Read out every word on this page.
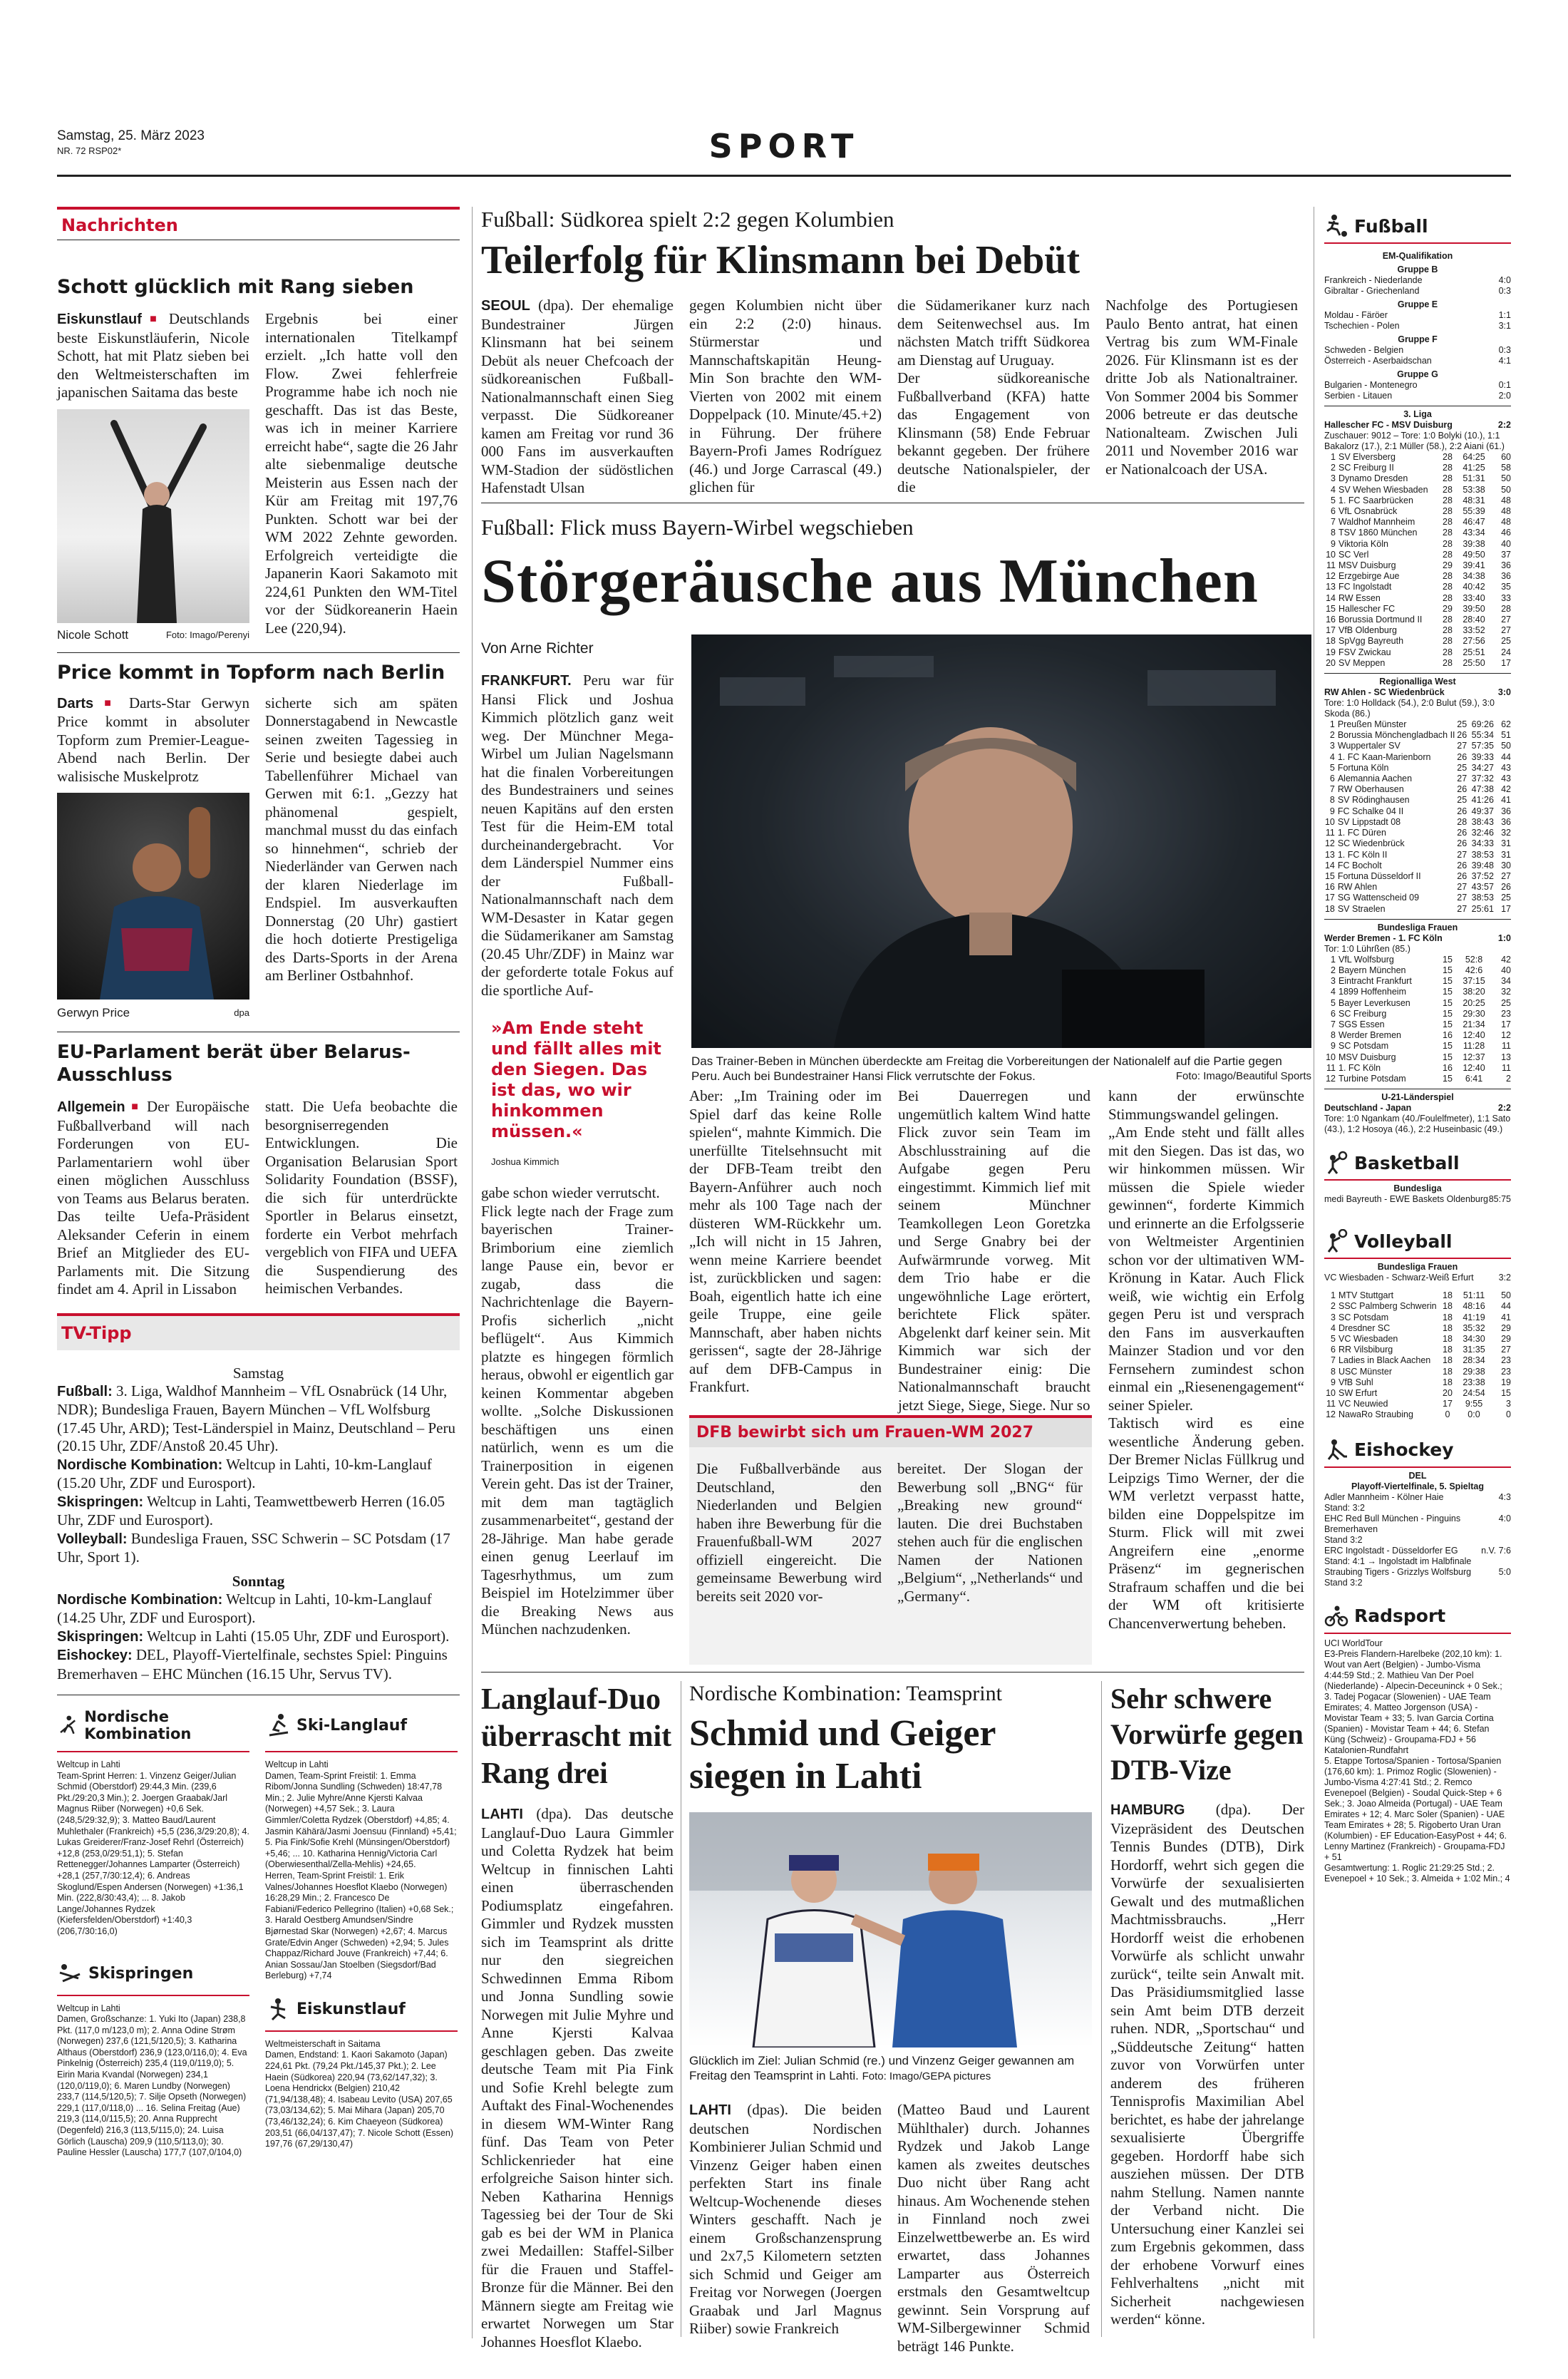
Samstag, 25. März 2023
NR. 72 RSP02*	SPORT
Nachrichten
Schott glücklich mit Rang sieben

Eiskunstlauf ■ Deutschlands beste Eiskunstläuferin, Nicole Schott, hat mit Platz sieben bei den Weltmeisterschaften im japanischen Saitama das beste

Nicole Schott	Foto: Imago/Perenyi

Ergebnis bei einer internationalen Titelkampf erzielt. „Ich hatte voll den Flow. Zwei fehlerfreie Programme habe ich noch nie geschafft. Das ist das Beste, was ich in meiner Karriere erreicht habe“, sagte die 26 Jahr alte siebenmalige deutsche Meisterin aus Essen nach der Kür am Freitag mit 197,76 Punkten. Schott war bei der WM 2022 Zehnte geworden. Erfolgreich verteidigte die Japanerin Kaori Sakamoto mit 224,61 Punkten den WM-Titel vor der Südkoreanerin Haein Lee (220,94).

Price kommt in Topform nach Berlin

Darts ■ Darts-Star Gerwyn Price kommt in absoluter Topform zum Premier-League-Abend nach Berlin. Der walisische Muskelprotz

Gerwyn Price	dpa

sicherte sich am späten Donnerstagabend in Newcastle seinen zweiten Tagessieg in Serie und besiegte dabei auch Tabellenführer Michael van Gerwen mit 6:1. „Gezzy hat phänomenal gespielt, manchmal musst du das einfach so hinnehmen“, schrieb der Niederländer van Gerwen nach der klaren Niederlage im Endspiel. Im ausverkauften Donnerstag (20 Uhr) gastiert die hoch dotierte Prestigeliga des Darts-Sports in der Arena am Berliner Ostbahnhof.

EU-Parlament berät über Belarus-Ausschluss

Allgemein ■ Der Europäische Fußballverband will nach Forderungen von EU-Parlamentariern wohl über einen möglichen Ausschluss von Teams aus Belarus beraten. Das teilte Uefa-Präsident Aleksander Ceferin in einem Brief an Mitglieder des EU-Parlaments mit. Die Sitzung findet am 4. April in Lissabon

statt. Die Uefa beobachte die besorgniserregenden Entwicklungen. Die Organisation Belarusian Sport Solidarity Foundation (BSSF), die sich für unterdrückte Sportler in Belarus einsetzt, forderte ein Verbot mehrfach vergeblich von FIFA und UEFA die Suspendierung des heimischen Verbandes.

TV-Tipp
Samstag

Fußball: 3. Liga, Waldhof Mannheim – VfL Osnabrück (14 Uhr, NDR); Bundesliga Frauen, Bayern München – VfL Wolfsburg (17.45 Uhr, ARD); Test-Länderspiel in Mainz, Deutschland – Peru (20.15 Uhr, ZDF/Anstoß 20.45 Uhr).

Nordische Kombination: Weltcup in Lahti, 10-km-Langlauf (15.20 Uhr, ZDF und Eurosport).

Skispringen: Weltcup in Lahti, Teamwettbewerb Herren (16.05 Uhr, ZDF und Eurosport).

Volleyball: Bundesliga Frauen, SSC Schwerin – SC Potsdam (17 Uhr, Sport 1).

Sonntag

Nordische Kombination: Weltcup in Lahti, 10-km-Langlauf (14.25 Uhr, ZDF und Eurosport).

Skispringen: Weltcup in Lahti (15.05 Uhr, ZDF und Eurosport).

Eishockey: DEL, Playoff-Viertelfinale, sechstes Spiel: Pinguins Bremerhaven – EHC München (16.15 Uhr, Servus TV).

Nordische Kombination
Weltcup in Lahti
Team-Sprint Herren: 1. Vinzenz Geiger/Julian Schmid (Oberstdorf) 29:44,3 Min. (239,6 Pkt./29:20,3 Min.); 2. Joergen Graabak/Jarl Magnus Riiber (Norwegen) +0,6 Sek. (248,5/29:32,9); 3. Matteo Baud/Laurent Muhlethaler (Frankreich) +5,5 (236,3/29:20,8); 4. Lukas Greiderer/Franz-Josef Rehrl (Österreich) +12,8 (253,0/29:51,1); 5. Stefan Rettenegger/Johannes Lamparter (Österreich) +28,1 (257,7/30:12,4); 6. Andreas Skoglund/Espen Andersen (Norwegen) +1:36,1 Min. (222,8/30:43,4); ... 8. Jakob Lange/Johannes Rydzek (Kiefersfelden/Oberstdorf) +1:40,3 (206,7/30:16,0)
Skispringen
Weltcup in Lahti
Damen, Großschanze: 1. Yuki Ito (Japan) 238,8 Pkt. (117,0 m/123,0 m); 2. Anna Odine Strøm (Norwegen) 237,6 (121,5/120,5); 3. Katharina Althaus (Oberstdorf) 236,9 (123,0/116,0); 4. Eva Pinkelnig (Österreich) 235,4 (119,0/119,0); 5. Eirin Maria Kvandal (Norwegen) 234,1 (120,0/119,0); 6. Maren Lundby (Norwegen) 233,7 (114,5/120,5); 7. Silje Opseth (Norwegen) 229,1 (117,0/118,0) ... 16. Selina Freitag (Aue) 219,3 (114,0/115,5); 20. Anna Rupprecht (Degenfeld) 216,3 (113,5/115,0); 24. Luisa Görlich (Lauscha) 209,9 (110,5/113,0); 30. Pauline Hessler (Lauscha) 177,7 (107,0/104,0)
Ski-Langlauf
Weltcup in Lahti
Damen, Team-Sprint Freistil: 1. Emma Ribom/Jonna Sundling (Schweden) 18:47,78 Min.; 2. Julie Myhre/Anne Kjersti Kalvaa (Norwegen) +4,57 Sek.; 3. Laura Gimmler/Coletta Rydzek (Oberstdorf) +4,85; 4. Jasmin Kähärä/Jasmi Joensuu (Finnland) +5,41; 5. Pia Fink/Sofie Krehl (Münsingen/Oberstdorf) +5,46; ... 10. Katharina Hennig/Victoria Carl (Oberwiesenthal/Zella-Mehlis) +24,65.
Herren, Team-Sprint Freistil: 1. Erik Valnes/Johannes Hoesflot Klaebo (Norwegen) 16:28,29 Min.; 2. Francesco De Fabiani/Federico Pellegrino (Italien) +0,68 Sek.; 3. Harald Oestberg Amundsen/Sindre Bjørnestad Skar (Norwegen) +2,67; 4. Marcus Grate/Edvin Anger (Schweden) +2,94; 5. Jules Chappaz/Richard Jouve (Frankreich) +7,44; 6. Anian Sossau/Jan Stoelben (Siegsdorf/Bad Berleburg) +7,74
Eiskunstlauf
Weltmeisterschaft in Saitama
Damen, Endstand: 1. Kaori Sakamoto (Japan) 224,61 Pkt. (79,24 Pkt./145,37 Pkt.); 2. Lee Haein (Südkorea) 220,94 (73,62/147,32); 3. Loena Hendrickx (Belgien) 210,42 (71,94/138,48); 4. Isabeau Levito (USA) 207,65 (73,03/134,62); 5. Mai Mihara (Japan) 205,70 (73,46/132,24); 6. Kim Chaeyeon (Südkorea) 203,51 (66,04/137,47); 7. Nicole Schott (Essen) 197,76 (67,29/130,47)
Fußball: Südkorea spielt 2:2 gegen Kolumbien
Teilerfolg für Klinsmann bei Debüt

SEOUL (dpa). Der ehemalige Bundestrainer Jürgen Klinsmann hat bei seinem Debüt als neuer Chefcoach der südkoreanischen Fußball-Nationalmannschaft einen Sieg verpasst. Die Südkoreaner kamen am Freitag vor rund 36 000 Fans im ausverkauften WM-Stadion der südöstlichen Hafenstadt Ulsan

gegen Kolumbien nicht über ein 2:2 (2:0) hinaus. Stürmerstar und Mannschaftskapitän Heung-Min Son brachte den WM-Vierten von 2002 mit einem Doppelpack (10. Minute/45.+2) in Führung. Der frühere Bayern-Profi James Rodríguez (46.) und Jorge Carrascal (49.) glichen für

die Südamerikaner kurz nach dem Seitenwechsel aus. Im nächsten Match trifft Südkorea am Dienstag auf Uruguay.
Der südkoreanische Fußballverband (KFA) hatte das Engagement von Klinsmann (58) Ende Februar bekannt gegeben. Der frühere deutsche Nationalspieler, der die

Nachfolge des Portugiesen Paulo Bento antrat, hat einen Vertrag bis zum WM-Finale 2026. Für Klinsmann ist es der dritte Job als Nationaltrainer. Von Sommer 2004 bis Sommer 2006 betreute er das deutsche Nationalteam. Zwischen Juli 2011 und November 2016 war er Nationalcoach der USA.

Fußball: Flick muss Bayern-Wirbel wegschieben
Störgeräusche aus München
Von Arne Richter
Das Trainer-Beben in München überdeckte am Freitag die Vorbereitungen der Nationalelf auf die Partie gegen Peru. Auch bei Bundestrainer Hansi Flick verrutschte der Fokus.	Foto: Imago/Beautiful Sports

FRANKFURT. Peru war für Hansi Flick und Joshua Kimmich plötzlich ganz weit weg. Der Münchner Mega-Wirbel um Julian Nagelsmann hat die finalen Vorbereitungen des Bundestrainers und seines neuen Kapitäns auf den ersten Test für die Heim-EM total durcheinandergebracht. Vor dem Länderspiel Nummer eins der Fußball-Nationalmannschaft nach dem WM-Desaster in Katar gegen die Südamerikaner am Samstag (20.45 Uhr/ZDF) in Mainz war der geforderte totale Fokus auf die sportliche Auf-

»Am Ende steht und fällt alles mit den Siegen. Das ist das, wo wir hinkommen müssen.«
Joshua Kimmich

gabe schon wieder verrutscht.
Flick legte nach der Frage zum bayerischen Trainer-Brimborium eine ziemlich lange Pause ein, bevor er zugab, dass die Nachrichtenlage die Bayern-Profis sicherlich „nicht beflügelt“. Aus Kimmich platzte es hingegen förmlich heraus, obwohl er eigentlich gar keinen Kommentar abgeben wollte. „Solche Diskussionen beschäftigen uns einen natürlich, wenn es um die Trainerposition in eigenen Verein geht. Das ist der Trainer, mit dem man tagtäglich zusammenarbeitet“, gestand der 28-Jährige. Man habe gerade einen genug Leerlauf im Tagesrhythmus, um zum Beispiel im Hotelzimmer über die Breaking News aus München nachzudenken.

Aber: „Im Training oder im Spiel darf das keine Rolle spielen“, mahnte Kimmich. Die unerfüllte Titelsehnsucht mit der DFB-Team treibt den Bayern-Anführer auch noch mehr als 100 Tage nach der düsteren WM-Rückkehr um. „Ich will nicht in 15 Jahren, wenn meine Karriere beendet ist, zurückblicken und sagen: Boah, eigentlich hatte ich eine geile Truppe, eine geile Mannschaft, aber haben nichts gerissen“, sagte der 28-Jährige auf dem DFB-Campus in Frankfurt.

Bei Dauerregen und ungemütlich kaltem Wind hatte Flick zuvor sein Team im Abschlusstraining auf die Aufgabe gegen Peru eingestimmt. Kimmich lief mit seinem Münchner Teamkollegen Leon Goretzka und Serge Gnabry bei der Aufwärmrunde vorweg. Mit dem Trio habe er die ungewöhnliche Lage erörtert, berichtete Flick später. Abgelenkt darf keiner sein. Mit Kimmich war sich der Bundestrainer einig: Die Nationalmannschaft braucht jetzt Siege, Siege, Siege. Nur so

kann der erwünschte Stimmungswandel gelingen.
„Am Ende steht und fällt alles mit den Siegen. Das ist das, wo wir hinkommen müssen. Wir müssen die Spiele wieder gewinnen“, forderte Kimmich und erinnerte an die Erfolgsserie von Weltmeister Argentinien schon vor der ultimativen WM-Krönung in Katar. Auch Flick weiß, wie wichtig ein Erfolg gegen Peru ist und versprach den Fans im ausverkauften Mainzer Stadion und vor den Fernsehern zumindest schon einmal ein „Riesenengagement“ seiner Spieler.
Taktisch wird es eine wesentliche Änderung geben. Der Bremer Niclas Füllkrug und Leipzigs Timo Werner, der die WM verletzt verpasst hatte, bilden eine Doppelspitze im Sturm. Flick will mit zwei Angreifern eine „enorme Präsenz“ im gegnerischen Strafraum schaffen und die bei der WM oft kritisierte Chancenverwertung beheben.

DFB bewirbt sich um Frauen-WM 2027

Die Fußballverbände aus Deutschland, den Niederlanden und Belgien haben ihre Bewerbung für die Frauenfußball-WM 2027 offiziell eingereicht. Die gemeinsame Bewerbung wird bereits seit 2020 vor-

bereitet. Der Slogan der Bewerbung soll „BNG“ für „Breaking new ground“ lauten. Die drei Buchstaben stehen auch für die englischen Namen der Nationen „Belgium“, „Netherlands“ und „Germany“.

Langlauf-Duo überrascht mit Rang drei

LAHTI (dpa). Das deutsche Langlauf-Duo Laura Gimmler und Coletta Rydzek hat beim Weltcup in finnischen Lahti einen überraschenden Podiumsplatz eingefahren. Gimmler und Rydzek mussten sich im Teamsprint als dritte nur den siegreichen Schwedinnen Emma Ribom und Jonna Sundling sowie Norwegen mit Julie Myhre und Anne Kjersti Kalvaa geschlagen geben. Das zweite deutsche Team mit Pia Fink und Sofie Krehl belegte zum Auftakt des Final-Wochenendes in diesem WM-Winter Rang fünf. Das Team von Peter Schlickenrieder hat eine erfolgreiche Saison hinter sich. Neben Katharina Hennigs Tagessieg bei der Tour de Ski gab es bei der WM in Planica zwei Medaillen: Staffel-Silber für die Frauen und Staffel-Bronze für die Männer. Bei den Männern siegte am Freitag wie erwartet Norwegen um Star Johannes Hoesflot Klaebo.

Nordische Kombination: Teamsprint
Schmid und Geiger siegen in Lahti
Glücklich im Ziel: Julian Schmid (re.) und Vinzenz Geiger gewannen am Freitag den Teamsprint in Lahti. Foto: Imago/GEPA pictures

LAHTI (dpas). Die beiden deutschen Nordischen Kombinierer Julian Schmid und Vinzenz Geiger haben einen perfekten Start ins finale Weltcup-Wochenende dieses Winters geschafft. Nach je einem Großschanzensprung und 2x7,5 Kilometern setzten sich Schmid und Geiger am Freitag vor Norwegen (Joergen Graabak und Jarl Magnus Riiber) sowie Frankreich

(Matteo Baud und Laurent Mühlthaler) durch. Johannes Rydzek und Jakob Lange kamen als zweites deutsches Duo nicht über Rang acht hinaus. Am Wochenende stehen in Finnland noch zwei Einzelwettbewerbe an. Es wird erwartet, dass Johannes Lamparter aus Österreich erstmals den Gesamtweltcup gewinnt. Sein Vorsprung auf WM-Silbergewinner Schmid beträgt 146 Punkte.

Sehr schwere Vorwürfe gegen DTB-Vize

HAMBURG (dpa). Der Vizepräsident des Deutschen Tennis Bundes (DTB), Dirk Hordorff, wehrt sich gegen die Vorwürfe der sexualisierten Gewalt und des mutmaßlichen Machtmissbrauchs. „Herr Hordorff weist die erhobenen Vorwürfe als schlicht unwahr zurück“, teilte sein Anwalt mit. Das Präsidiumsmitglied lasse sein Amt beim DTB derzeit ruhen. NDR, „Sportschau“ und „Süddeutsche Zeitung“ hatten zuvor von Vorwürfen unter anderem des früheren Tennisprofis Maximilian Abel berichtet, es habe der jahrelange sexualisierte Übergriffe gegeben. Hordorff habe sich ausziehen müssen. Der DTB nahm Stellung. Namen nannte der Verband nicht. Die Untersuchung einer Kanzlei sei zum Ergebnis gekommen, dass der erhobene Vorwurf eines Fehlverhaltens „nicht mit Sicherheit nachgewiesen werden“ könne.

Fußball
EM-Qualifikation
Gruppe B
Frankreich - Niederlande	4:0
Gibraltar - Griechenland	0:3
Gruppe E
Moldau - Färöer	1:1
Tschechien - Polen	3:1
Gruppe F
Schweden - Belgien	0:3
Österreich - Aserbaidschan	4:1
Gruppe G
Bulgarien - Montenegro	0:1
Serbien - Litauen	2:0
3. Liga
Hallescher FC - MSV Duisburg	2:2
Zuschauer: 9012 – Tore: 1:0 Bolyki (10.), 1:1 Bakalorz (17.), 2:1 Müller (58.), 2:2 Aiani (61.)
1	SV Elversberg	28	64:25	60
2	SC Freiburg II	28	41:25	58
3	Dynamo Dresden	28	51:31	50
4	SV Wehen Wiesbaden	28	53:38	50
5	1. FC Saarbrücken	28	48:31	48
6	VfL Osnabrück	28	55:39	48
7	Waldhof Mannheim	28	46:47	48
8	TSV 1860 München	28	43:34	46
9	Viktoria Köln	28	39:38	40
10	SC Verl	28	49:50	37
11	MSV Duisburg	29	39:41	36
12	Erzgebirge Aue	28	34:38	36
13	FC Ingolstadt	28	40:42	35
14	RW Essen	28	33:40	33
15	Hallescher FC	29	39:50	28
16	Borussia Dortmund II	28	28:40	27
17	VfB Oldenburg	28	33:52	27
18	SpVgg Bayreuth	28	27:56	25
19	FSV Zwickau	28	25:51	24
20	SV Meppen	28	25:50	17
Regionalliga West
RW Ahlen - SC Wiedenbrück	3:0
Tore: 1:0 Holldack (54.), 2:0 Bulut (59.), 3:0 Skoda (86.)
1	Preußen Münster	25	69:26	62
2	Borussia Mönchengladbach II	26	55:34	51
3	Wuppertaler SV	27	57:35	50
4	1. FC Kaan-Marienborn	26	39:33	44
5	Fortuna Köln	25	34:27	43
6	Alemannia Aachen	27	37:32	43
7	RW Oberhausen	26	47:38	42
8	SV Rödinghausen	25	41:26	41
9	FC Schalke 04 II	26	49:37	36
10	SV Lippstadt 08	28	38:43	36
11	1. FC Düren	26	32:46	32
12	SC Wiedenbrück	26	34:33	31
13	1. FC Köln II	27	38:53	31
14	FC Bocholt	26	39:48	30
15	Fortuna Düsseldorf II	26	37:52	27
16	RW Ahlen	27	43:57	26
17	SG Wattenscheid 09	27	38:53	25
18	SV Straelen	27	25:61	17
Bundesliga Frauen
Werder Bremen - 1. FC Köln	1:0
Tor: 1:0 Lührßen (85.)
1	VfL Wolfsburg	15	52:8	42
2	Bayern München	15	42:6	40
3	Eintracht Frankfurt	15	37:15	34
4	1899 Hoffenheim	15	38:20	32
5	Bayer Leverkusen	15	20:25	25
6	SC Freiburg	15	29:30	23
7	SGS Essen	15	21:34	17
8	Werder Bremen	16	12:40	12
9	SC Potsdam	15	11:28	11
10	MSV Duisburg	15	12:37	13
11	1. FC Köln	16	12:40	11
12	Turbine Potsdam	15	6:41	2
U-21-Länderspiel
Deutschland - Japan	2:2
Tore: 1:0 Ngankam (40./Foulelfmeter), 1:1 Sato (43.), 1:2 Hosoya (46.), 2:2 Huseinbasic (49.)
Basketball
Bundesliga
medi Bayreuth - EWE Baskets Oldenburg 85:75
Volleyball
Bundesliga Frauen
VC Wiesbaden - Schwarz-Weiß Erfurt	3:2
1	MTV Stuttgart	18	51:11	50
2	SSC Palmberg Schwerin	18	48:16	44
3	SC Potsdam	18	41:19	41
4	Dresdner SC	18	35:32	29
5	VC Wiesbaden	18	34:30	29
6	RR Vilsbiburg	18	31:35	27
7	Ladies in Black Aachen	18	28:34	23
8	USC Münster	18	29:38	23
9	VfB Suhl	18	23:38	19
10	SW Erfurt	20	24:54	15
11	VC Neuwied	17	9:55	3
12	NawaRo Straubing	0	0:0	0
Eishockey
DEL
Playoff-Viertelfinale, 5. Spieltag
Adler Mannheim - Kölner Haie	4:3
Stand: 3:2
EHC Red Bull München - Pinguins Bremerhaven
4:0
Stand 3:2
ERC Ingolstadt - Düsseldorfer EG	n.V. 7:6
Stand: 4:1 → Ingolstadt im Halbfinale
Straubing Tigers - Grizzlys Wolfsburg	5:0
Stand 3:2
Radsport
UCI WorldTour
E3-Preis Flandern-Harelbeke (202,10 km): 1. Wout van Aert (Belgien) - Jumbo-Visma 4:44:59 Std.; 2. Mathieu Van Der Poel (Niederlande) - Alpecin-Deceuninck + 0 Sek.; 3. Tadej Pogacar (Slowenien) - UAE Team Emirates; 4. Matteo Jorgenson (USA) - Movistar Team + 33; 5. Ivan Garcia Cortina (Spanien) - Movistar Team + 44; 6. Stefan Küng (Schweiz) - Groupama-FDJ + 56
Katalonien-Rundfahrt
5. Etappe Tortosa/Spanien - Tortosa/Spanien (176,60 km): 1. Primoz Roglic (Slowenien) - Jumbo-Visma 4:27:41 Std.; 2. Remco Evenepoel (Belgien) - Soudal Quick-Step + 6 Sek.; 3. Joao Almeida (Portugal) - UAE Team Emirates + 12; 4. Marc Soler (Spanien) - UAE Team Emirates + 28; 5. Rigoberto Uran Uran (Kolumbien) - EF Education-EasyPost + 44; 6. Lenny Martinez (Frankreich) - Groupama-FDJ + 51
Gesamtwertung: 1. Roglic 21:29:25 Std.; 2. Evenepoel + 10 Sek.; 3. Almeida + 1:02 Min.; 4
